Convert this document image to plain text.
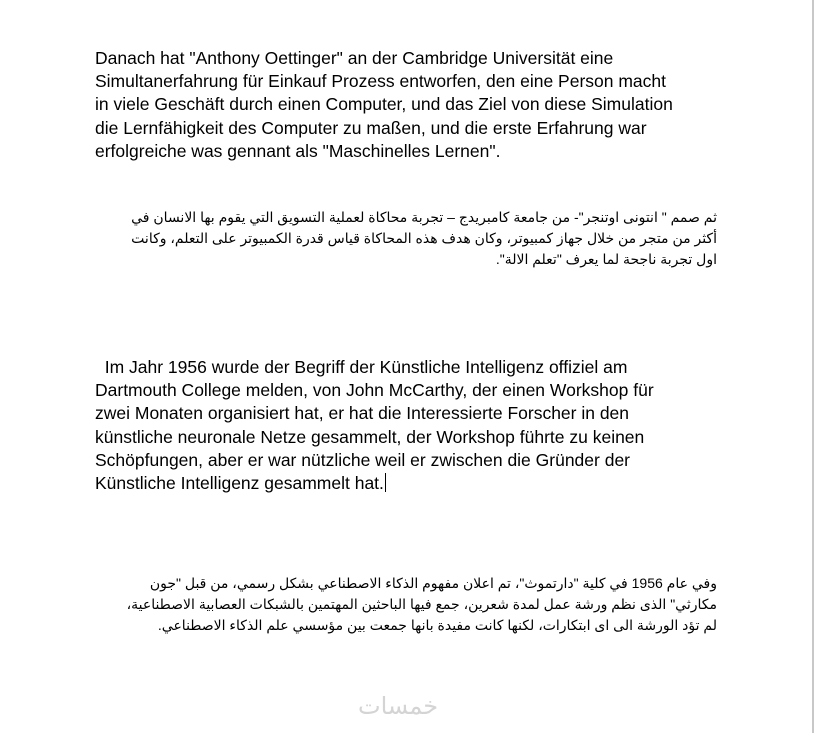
Danach hat "Anthony Oettinger" an der Cambridge Universität eine
Simultanerfahrung für Einkauf Prozess entworfen, den eine Person macht
in viele Geschäft durch einen Computer, und das Ziel von diese Simulation
die Lernfähigkeit des Computer zu maßen, und die erste Erfahrung war
erfolgreiche was gennant als "Maschinelles Lernen".
ثم صمم " انتونى اوتنجر"- من جامعة كامبريدج – تجربة محاكاة لعملية التسويق التي يقوم بها الانسان في
أكثر من متجر من خلال جهاز كمبيوتر، وكان هدف هذه المحاكاة قياس قدرة الكمبيوتر على التعلم، وكانت
اول تجربة ناجحة لما يعرف "تعلم الالة".
Im Jahr 1956 wurde der Begriff der Künstliche Intelligenz offiziel am
Dartmouth College melden, von John McCarthy, der einen Workshop für
zwei Monaten organisiert hat, er hat die Interessierte Forscher in den
künstliche neuronale Netze gesammelt, der Workshop führte zu keinen
Schöpfungen, aber er war nützliche weil er zwischen die Gründer der
Künstliche Intelligenz gesammelt hat.
وفي عام 1956 في كلية "دارتموث"، تم اعلان مفهوم الذكاء الاصطناعي بشكل رسمي، من قبل "جون
مكارثي" الذى نظم ورشة عمل لمدة شعرين، جمع فيها الباحثين المهتمين بالشبكات العصابية الاصطناعية،
لم تؤد الورشة الى اى ابتكارات، لكنها كانت مفيدة بانها جمعت بين مؤسسي علم الذكاء الاصطناعي.
خمسات
